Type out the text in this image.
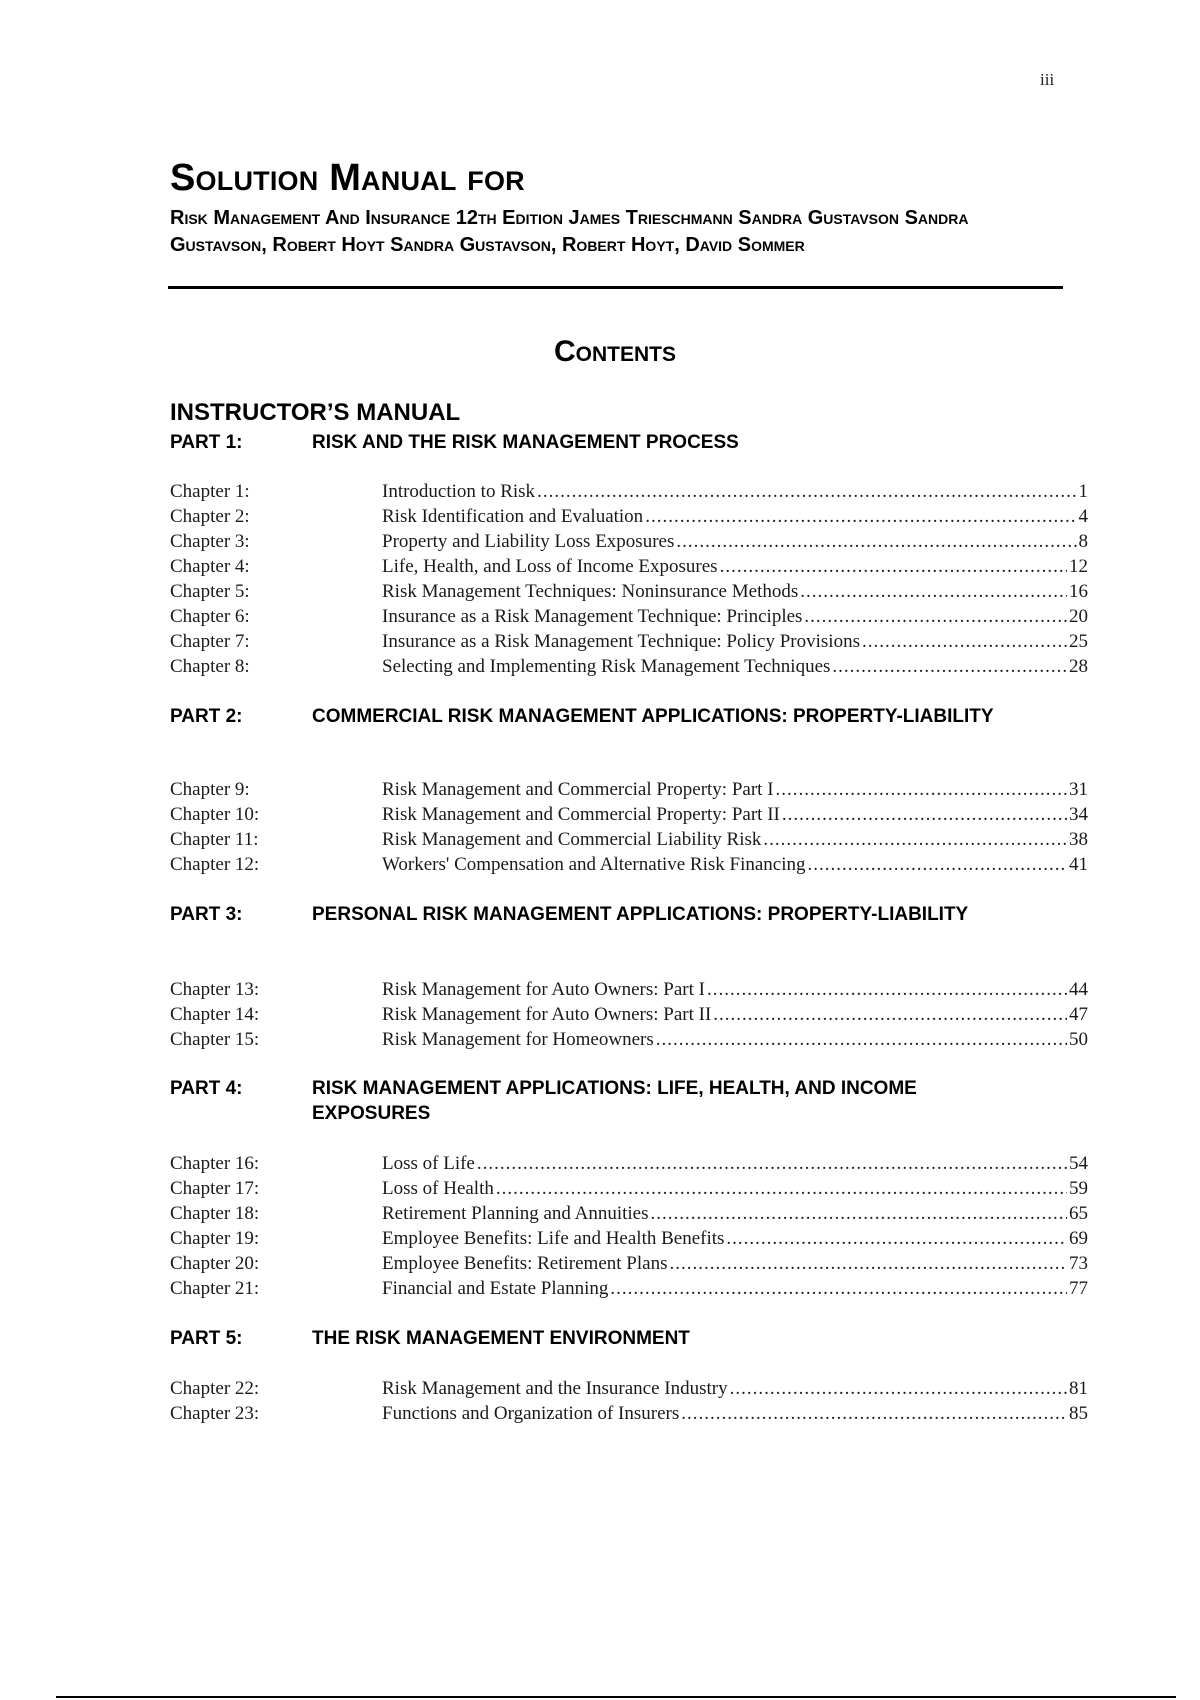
iii
Solution Manual for
Risk Management And Insurance 12th Edition James Trieschmann Sandra Gustavson Sandra Gustavson, Robert Hoyt Sandra Gustavson, Robert Hoyt, David Sommer
Contents
INSTRUCTOR’S MANUAL
PART 1:	RISK AND THE RISK MANAGEMENT PROCESS
Chapter 1:	Introduction to Risk .....	1
Chapter 2:	Risk Identification and Evaluation .....	4
Chapter 3:	Property and Liability Loss Exposures .....	8
Chapter 4:	Life, Health, and Loss of Income Exposures .....	12
Chapter 5:	Risk Management Techniques: Noninsurance Methods .....	16
Chapter 6:	Insurance as a Risk Management Technique: Principles .....	20
Chapter 7:	Insurance as a Risk Management Technique: Policy Provisions .....	25
Chapter 8:	Selecting and Implementing Risk Management Techniques .....	28
PART 2:	COMMERCIAL RISK MANAGEMENT APPLICATIONS: PROPERTY-LIABILITY
Chapter 9:	Risk Management and Commercial Property: Part I .....	31
Chapter 10:	Risk Management and Commercial Property: Part II .....	34
Chapter 11:	Risk Management and Commercial Liability Risk .....	38
Chapter 12:	Workers' Compensation and Alternative Risk Financing .....	41
PART 3:	PERSONAL RISK MANAGEMENT APPLICATIONS: PROPERTY-LIABILITY
Chapter 13:	Risk Management for Auto Owners: Part I .....	44
Chapter 14:	Risk Management for Auto Owners: Part II .....	47
Chapter 15:	Risk Management for Homeowners .....	50
PART 4:	RISK MANAGEMENT APPLICATIONS: LIFE, HEALTH, AND INCOME EXPOSURES
Chapter 16:	Loss of Life .....	54
Chapter 17:	Loss of Health .....	59
Chapter 18:	Retirement Planning and Annuities .....	65
Chapter 19:	Employee Benefits: Life and Health Benefits .....	69
Chapter 20:	Employee Benefits: Retirement Plans .....	73
Chapter 21:	Financial and Estate Planning .....	77
PART 5:	THE RISK MANAGEMENT ENVIRONMENT
Chapter 22:	Risk Management and the Insurance Industry .....	81
Chapter 23:	Functions and Organization of Insurers .....	85
